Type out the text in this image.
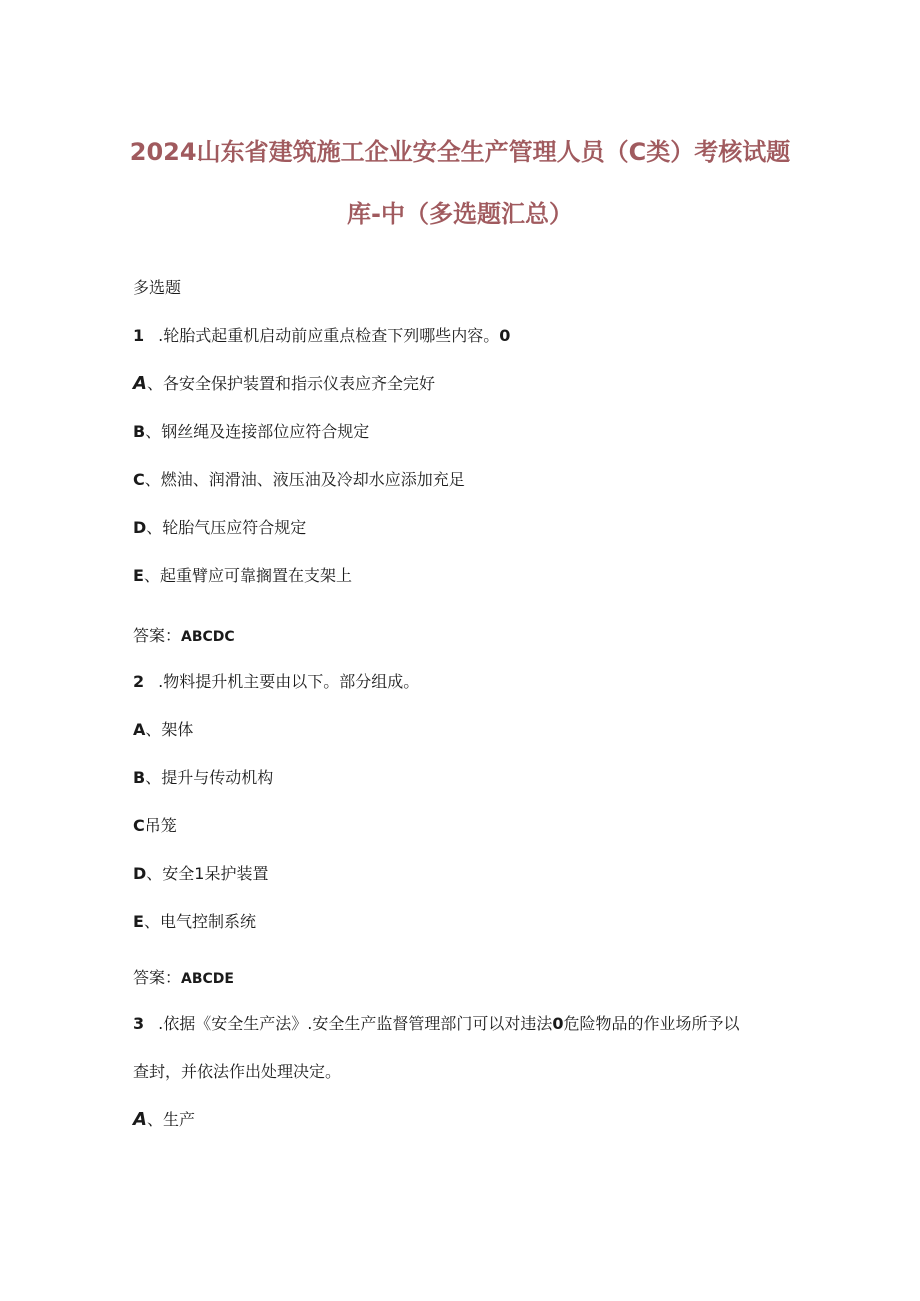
2024山东省建筑施工企业安全生产管理人员（C类）考核试题
库-中（多选题汇总）
多选题
1 .轮胎式起重机启动前应重点检查下列哪些内容。0
A、各安全保护装置和指示仪表应齐全完好
B、钢丝绳及连接部位应符合规定
C、燃油、润滑油、液压油及冷却水应添加充足
D、轮胎气压应符合规定
E、起重臂应可靠搁置在支架上
答案：ABCDC
2 .物料提升机主要由以下。部分组成。
A、架体
B、提升与传动机构
C吊笼
D、安全1呆护装置
E、电气控制系统
答案：ABCDE
3 .依据《安全生产法》.安全生产监督管理部门可以对违法0危险物品的作业场所予以
查封，并依法作出处理决定。
A、生产
